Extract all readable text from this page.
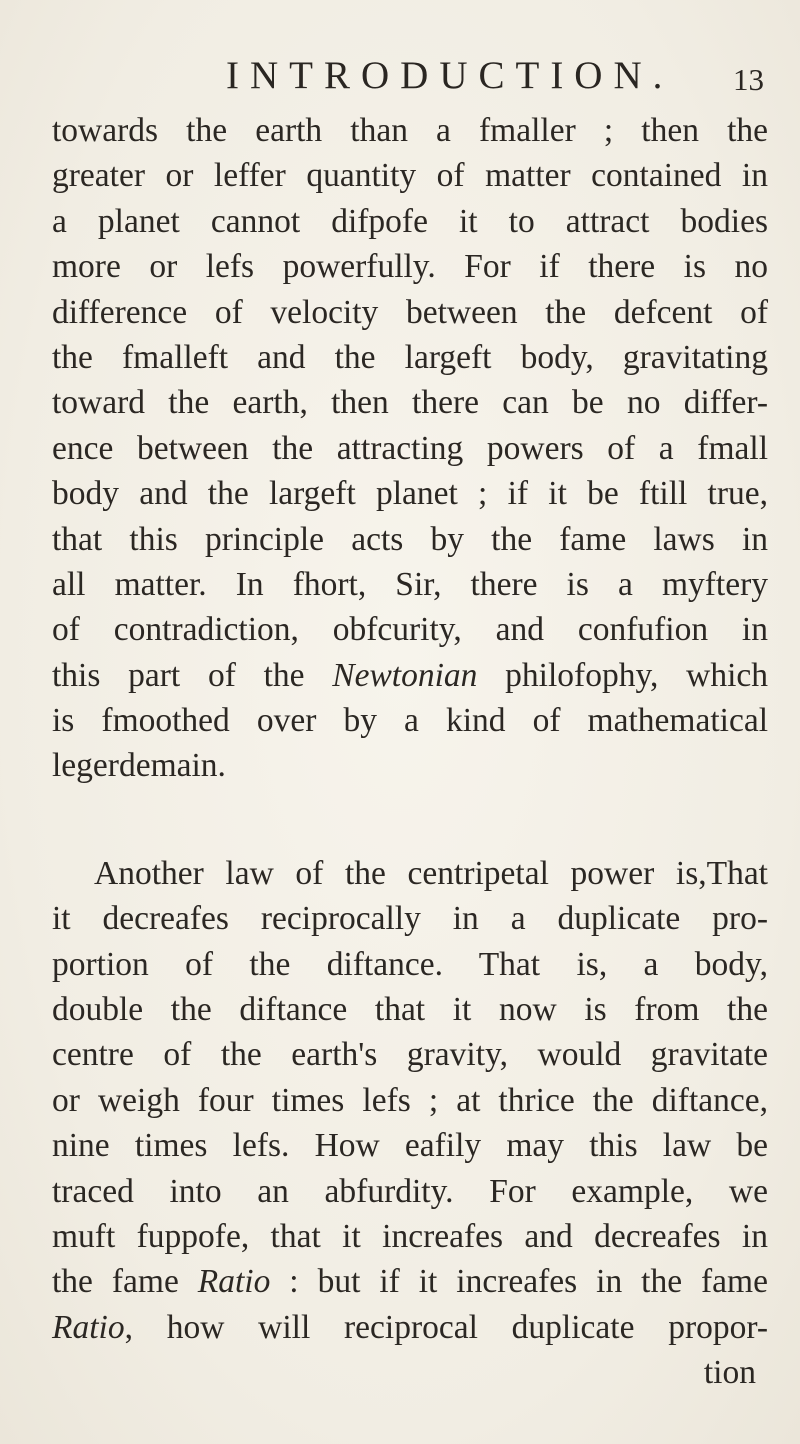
INTRODUCTION. 13
towards the earth than a fmaller ; then the
greater or leffer quantity of matter contained in
a planet cannot difpofe it to attract bodies
more or lefs powerfully. For if there is no
difference of velocity between the defcent of
the fmalleft and the largeft body, gravitating
toward the earth, then there can be no differ-
ence between the attracting powers of a fmall
body and the largeft planet ; if it be ftill true,
that this principle acts by the fame laws in
all matter. In fhort, Sir, there is a myftery
of contradiction, obfcurity, and confufion in
this part of the Newtonian philofophy, which
is fmoothed over by a kind of mathematical
legerdemain.
Another law of the centripetal power is,That
it decreafes reciprocally in a duplicate pro-
portion of the diftance. That is, a body,
double the diftance that it now is from the
centre of the earth's gravity, would gravitate
or weigh four times lefs ; at thrice the diftance,
nine times lefs. How eafily may this law be
traced into an abfurdity. For example, we
muft fuppofe, that it increafes and decreafes in
the fame Ratio : but if it increafes in the fame
Ratio, how will reciprocal duplicate propor-
tion
